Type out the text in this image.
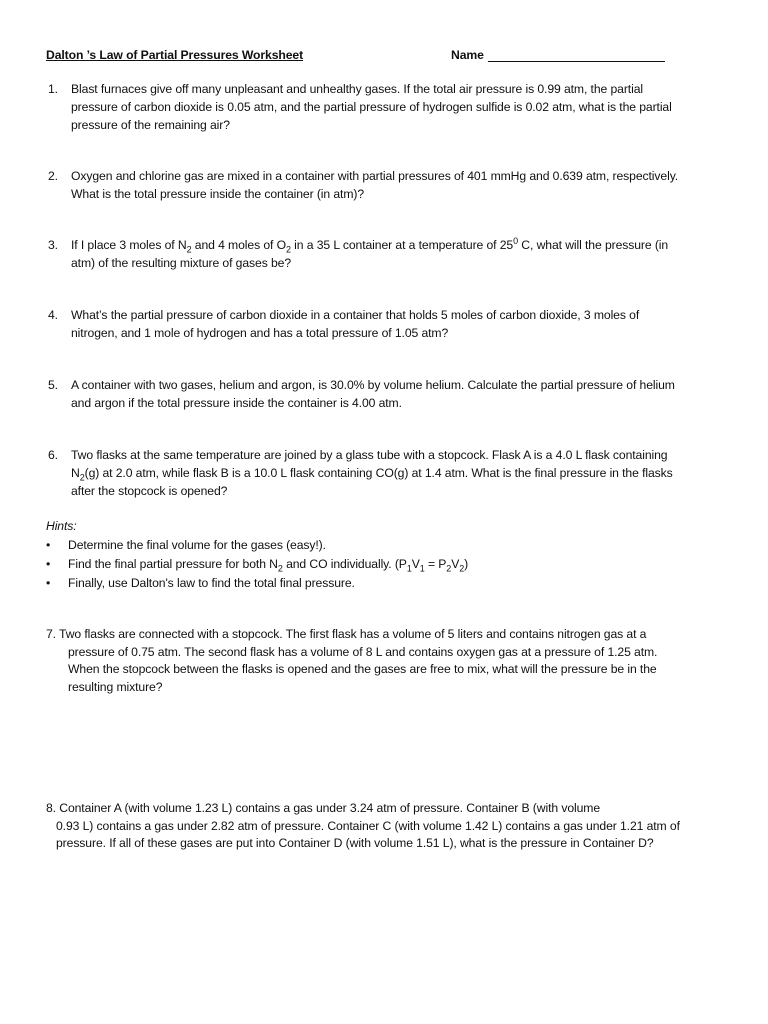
Dalton ’s Law of Partial Pressures Worksheet	Name
1. Blast furnaces give off many unpleasant and unhealthy gases. If the total air pressure is 0.99 atm, the partial
pressure of carbon dioxide is 0.05 atm, and the partial pressure of hydrogen sulfide is 0.02 atm, what is the partial
pressure of the remaining air?
2. Oxygen and chlorine gas are mixed in a container with partial pressures of 401 mmHg and 0.639 atm, respectively.
What is the total pressure inside the container (in atm)?
3. If I place 3 moles of $N_2$ and 4 moles of $O_2$ in a 35 L container at a temperature of $25^0$ C, what will the pressure (in
atm) of the resulting mixture of gases be?
4. What’s the partial pressure of carbon dioxide in a container that holds 5 moles of carbon dioxide, 3 moles of
nitrogen, and 1 mole of hydrogen and has a total pressure of 1.05 atm?
5. A container with two gases, helium and argon, is 30.0% by volume helium. Calculate the partial pressure of helium
and argon if the total pressure inside the container is 4.00 atm.
6. Two flasks at the same temperature are joined by a glass tube with a stopcock. Flask A is a 4.0 L flask containing
$N_2(g)$ at 2.0 atm, while flask B is a 10.0 L flask containing CO(g) at 1.4 atm. What is the final pressure in the flasks
after the stopcock is opened?
Hints:
• Determine the final volume for the gases (easy!).
• Find the final partial pressure for both $N_2$ and CO individually. $(P_1V_1 = P_2V_2)$
• Finally, use Dalton's law to find the total final pressure.
7. Two flasks are connected with a stopcock. The first flask has a volume of 5 liters and contains nitrogen gas at a
pressure of 0.75 atm. The second flask has a volume of 8 L and contains oxygen gas at a pressure of 1.25 atm.
When the stopcock between the flasks is opened and the gases are free to mix, what will the pressure be in the
resulting mixture?
8. Container A (with volume 1.23 L) contains a gas under 3.24 atm of pressure. Container B (with volume
0.93 L) contains a gas under 2.82 atm of pressure. Container C (with volume 1.42 L) contains a gas under 1.21 atm of
pressure. If all of these gases are put into Container D (with volume 1.51 L), what is the pressure in Container D?
